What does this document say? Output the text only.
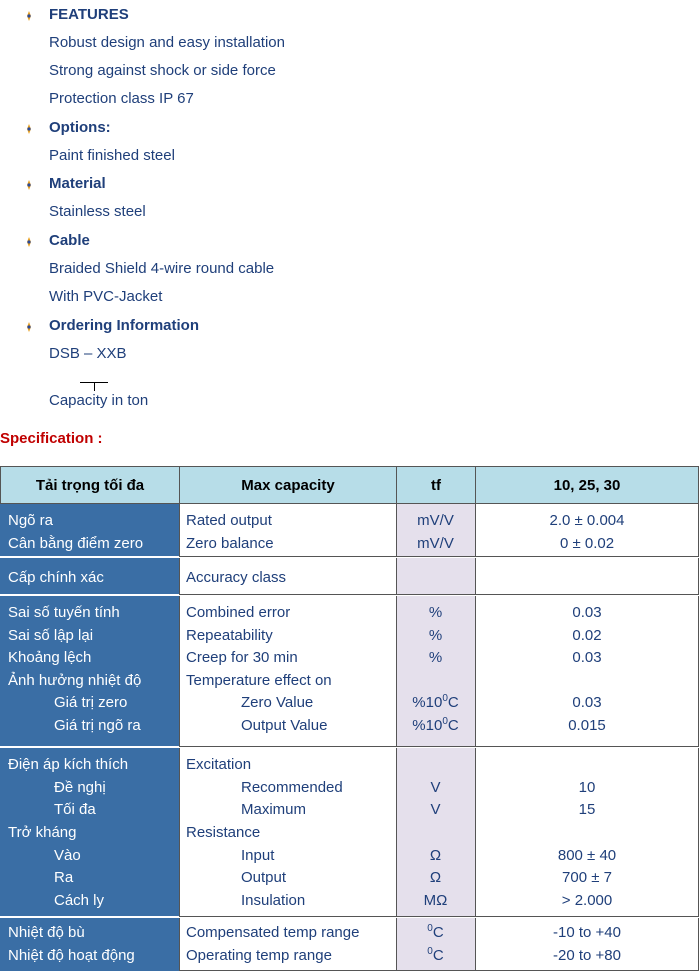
FEATURES
Robust design and easy installation
Strong against shock or side force
Protection class IP 67
Options:
Paint finished steel
Material
Stainless steel
Cable
Braided Shield 4-wire round cable
With PVC-Jacket
Ordering Information
DSB – XXB
Capacity in ton
Specification :
Tải trọng tối đa	Max capacity	tf	10, 25, 30
Ngõ ra	Rated output	mV/V	2.0 ± 0.004
Cân bằng điểm zero	Zero balance	mV/V	0 ± 0.02
Cấp chính xác	Accuracy class
Sai số tuyến tính	Combined error	%	0.03
Sai số lập lại	Repeatability	%	0.02
Khoảng lệch	Creep for 30 min	%	0.03
Ảnh hưởng nhiệt độ	Temperature effect on
Giá trị zero	Zero Value	$\%10^0C$	0.03
Giá trị ngõ ra	Output Value	$\%10^0C$	0.015
Điện áp kích thích	Excitation
Đề nghị	Recommended	V	10
Tối đa	Maximum	V	15
Trở kháng	Resistance
Vào	Input	Ω	800 ± 40
Ra	Output	Ω	700 ± 7
Cách ly	Insulation	MΩ	> 2.000
Nhiệt độ bù	Compensated temp range	$^0$C	-10 to +40
Nhiệt độ hoạt động	Operating temp range	$^0$C	-20 to +80
